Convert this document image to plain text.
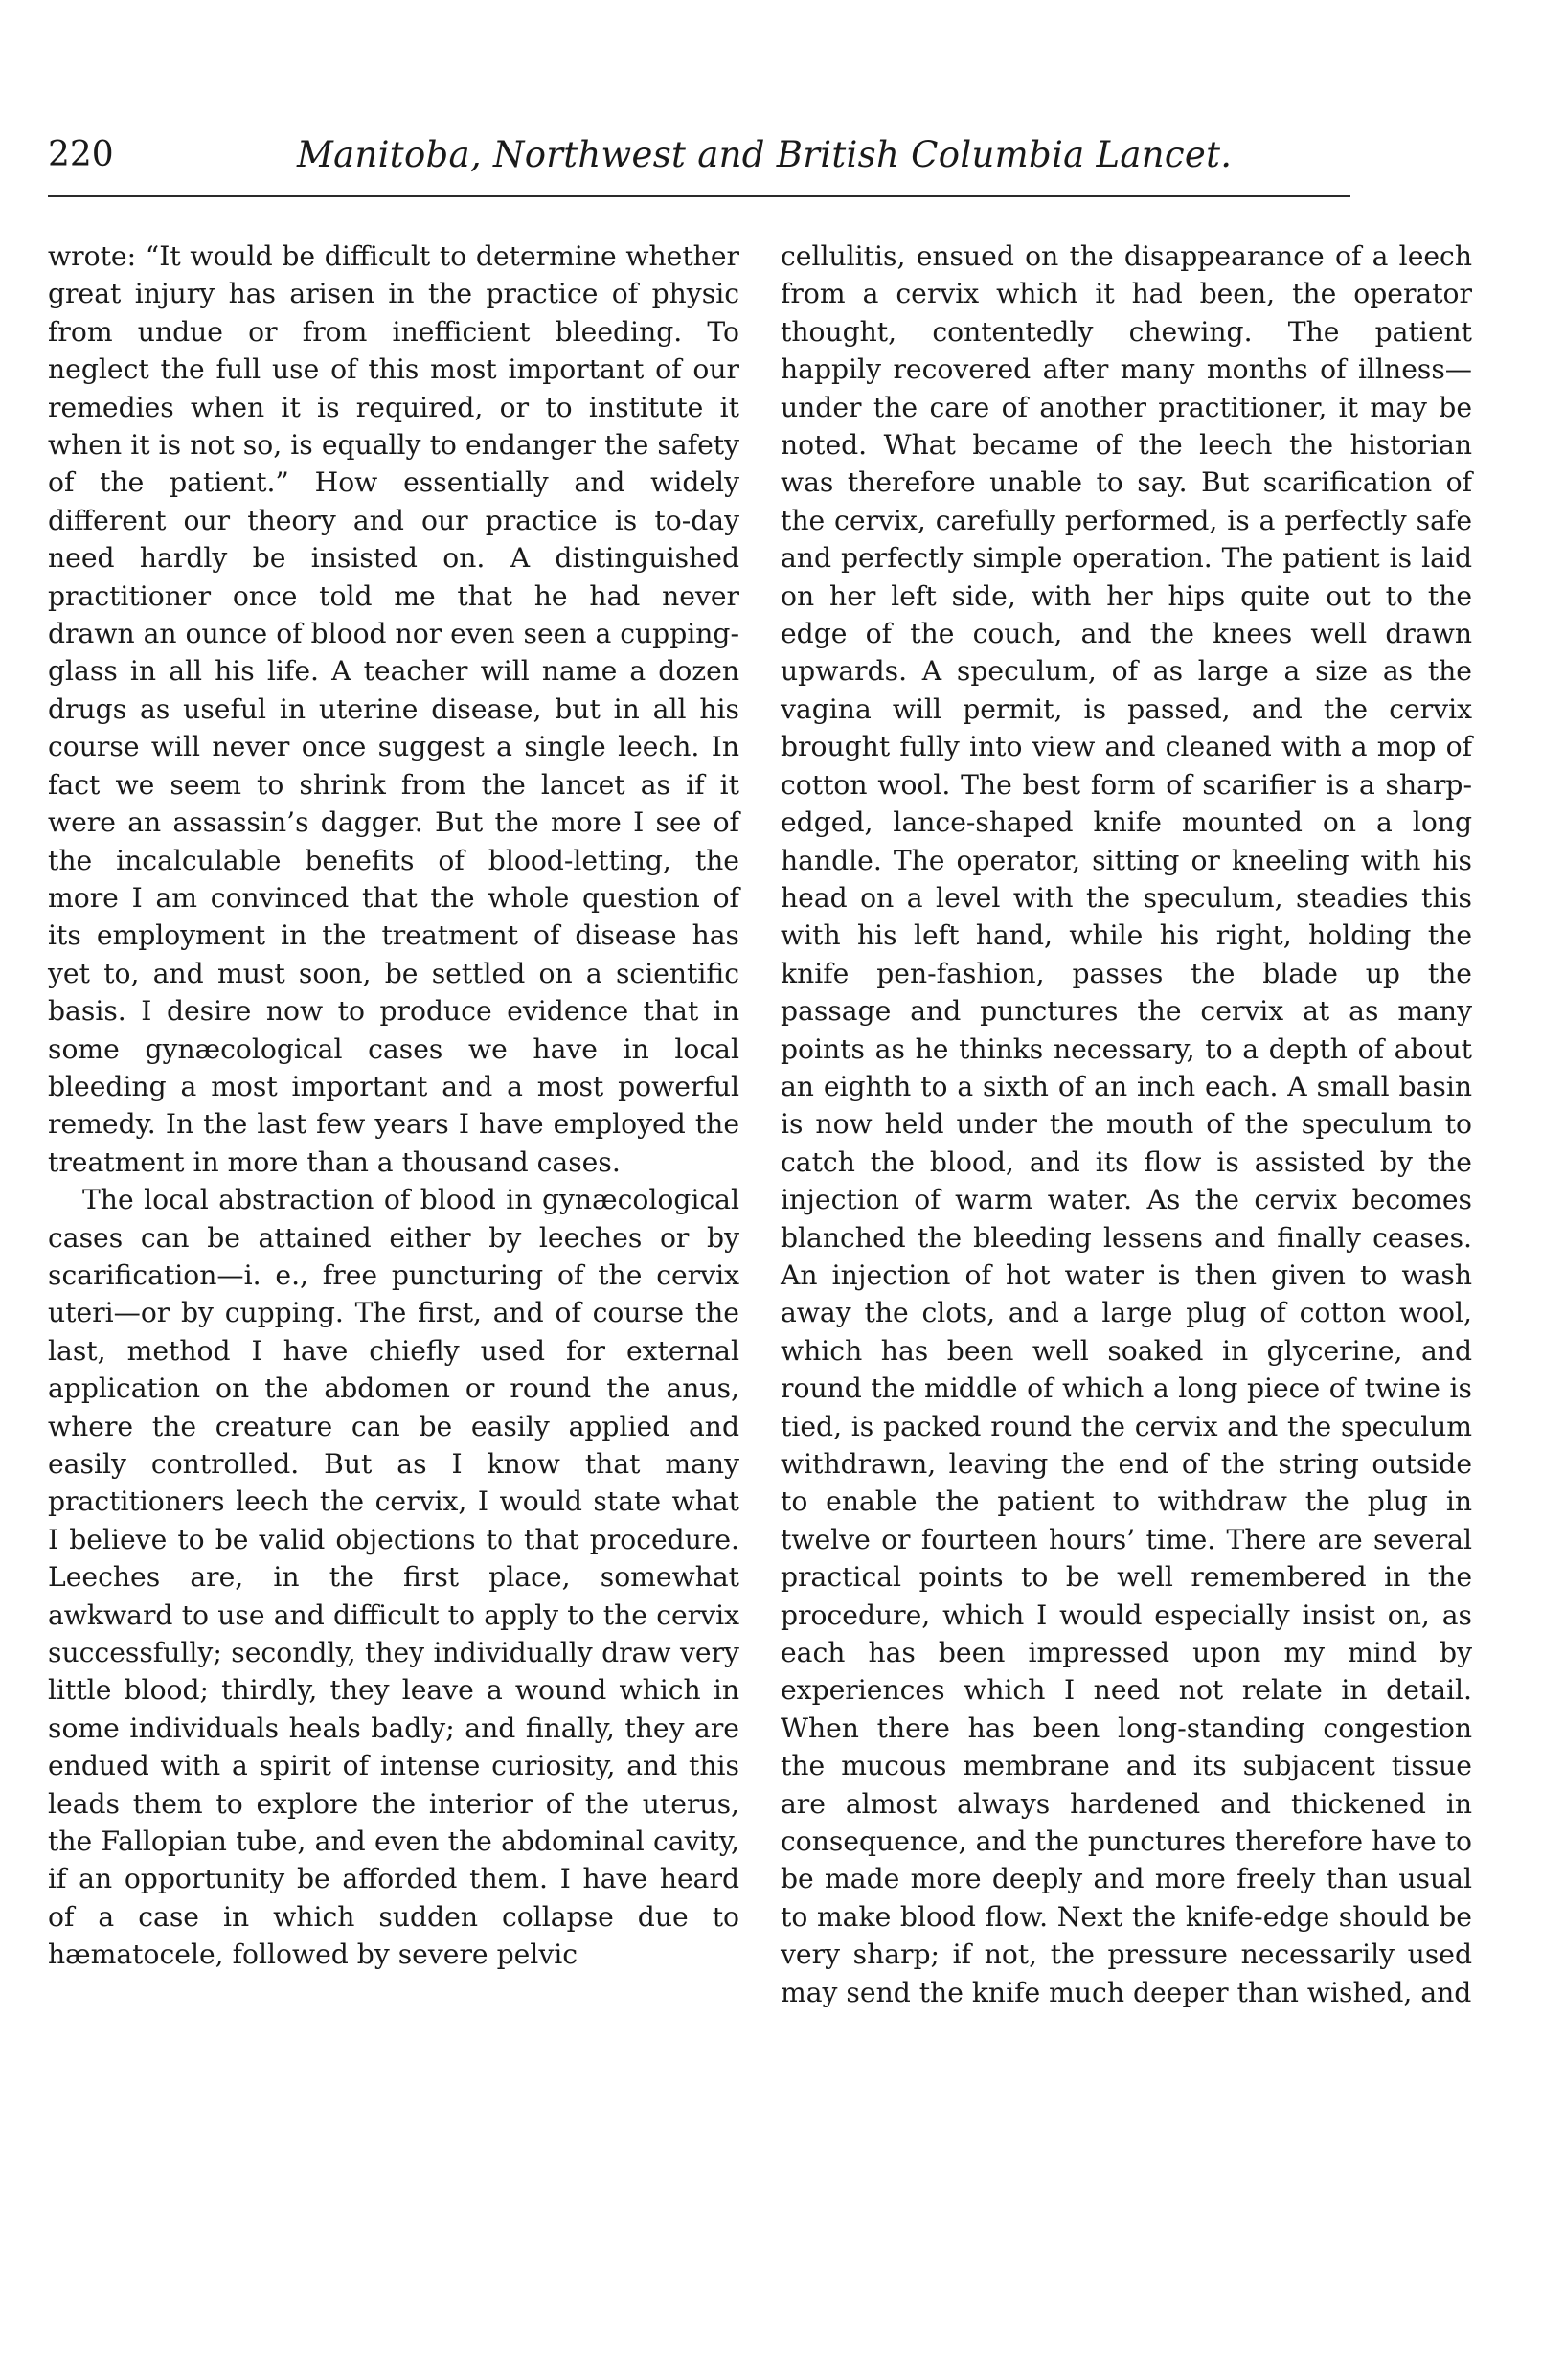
220	Manitoba, Northwest and British Columbia Lancet.

wrote: “It would be difficult to determine whether great injury has arisen in the practice of physic from undue or from inefficient bleeding. To neglect the full use of this most important of our remedies when it is required, or to institute it when it is not so, is equally to endanger the safety of the patient.” How essentially and widely different our theory and our practice is to-day need hardly be insisted on. A distinguished practitioner once told me that he had never drawn an ounce of blood nor even seen a cupping-glass in all his life. A teacher will name a dozen drugs as useful in uterine disease, but in all his course will never once suggest a single leech. In fact we seem to shrink from the lancet as if it were an assassin’s dagger. But the more I see of the incalculable benefits of blood-letting, the more I am convinced that the whole question of its employment in the treatment of disease has yet to, and must soon, be settled on a scientific basis. I desire now to produce evidence that in some gynæcological cases we have in local bleeding a most important and a most powerful remedy. In the last few years I have employed the treatment in more than a thousand cases.

The local abstraction of blood in gynæcological cases can be attained either by leeches or by scarification—i. e., free puncturing of the cervix uteri—or by cupping. The first, and of course the last, method I have chiefly used for external application on the abdomen or round the anus, where the creature can be easily applied and easily controlled. But as I know that many practitioners leech the cervix, I would state what I believe to be valid objections to that procedure. Leeches are, in the first place, somewhat awkward to use and difficult to apply to the cervix successfully; secondly, they individually draw very little blood; thirdly, they leave a wound which in some individuals heals badly; and finally, they are endued with a spirit of intense curiosity, and this leads them to explore the interior of the uterus, the Fallopian tube, and even the abdominal cavity, if an opportunity be afforded them. I have heard of a case in which sudden collapse due to hæmatocele, followed by severe pelvic

cellulitis, ensued on the disappearance of a leech from a cervix which it had been, the operator thought, contentedly chewing. The patient happily recovered after many months of illness—under the care of another practitioner, it may be noted. What became of the leech the historian was therefore unable to say. But scarification of the cervix, carefully performed, is a perfectly safe and perfectly simple operation. The patient is laid on her left side, with her hips quite out to the edge of the couch, and the knees well drawn upwards. A speculum, of as large a size as the vagina will permit, is passed, and the cervix brought fully into view and cleaned with a mop of cotton wool. The best form of scarifier is a sharp-edged, lance-shaped knife mounted on a long handle. The operator, sitting or kneeling with his head on a level with the speculum, steadies this with his left hand, while his right, holding the knife pen-fashion, passes the blade up the passage and punctures the cervix at as many points as he thinks necessary, to a depth of about an eighth to a sixth of an inch each. A small basin is now held under the mouth of the speculum to catch the blood, and its flow is assisted by the injection of warm water. As the cervix becomes blanched the bleeding lessens and finally ceases. An injection of hot water is then given to wash away the clots, and a large plug of cotton wool, which has been well soaked in glycerine, and round the middle of which a long piece of twine is tied, is packed round the cervix and the speculum withdrawn, leaving the end of the string outside to enable the patient to withdraw the plug in twelve or fourteen hours’ time. There are several practical points to be well remembered in the procedure, which I would especially insist on, as each has been impressed upon my mind by experiences which I need not relate in detail. When there has been long-standing congestion the mucous membrane and its subjacent tissue are almost always hardened and thickened in consequence, and the punctures therefore have to be made more deeply and more freely than usual to make blood flow. Next the knife-edge should be very sharp; if not, the pressure necessarily used may send the knife much deeper than wished, and
